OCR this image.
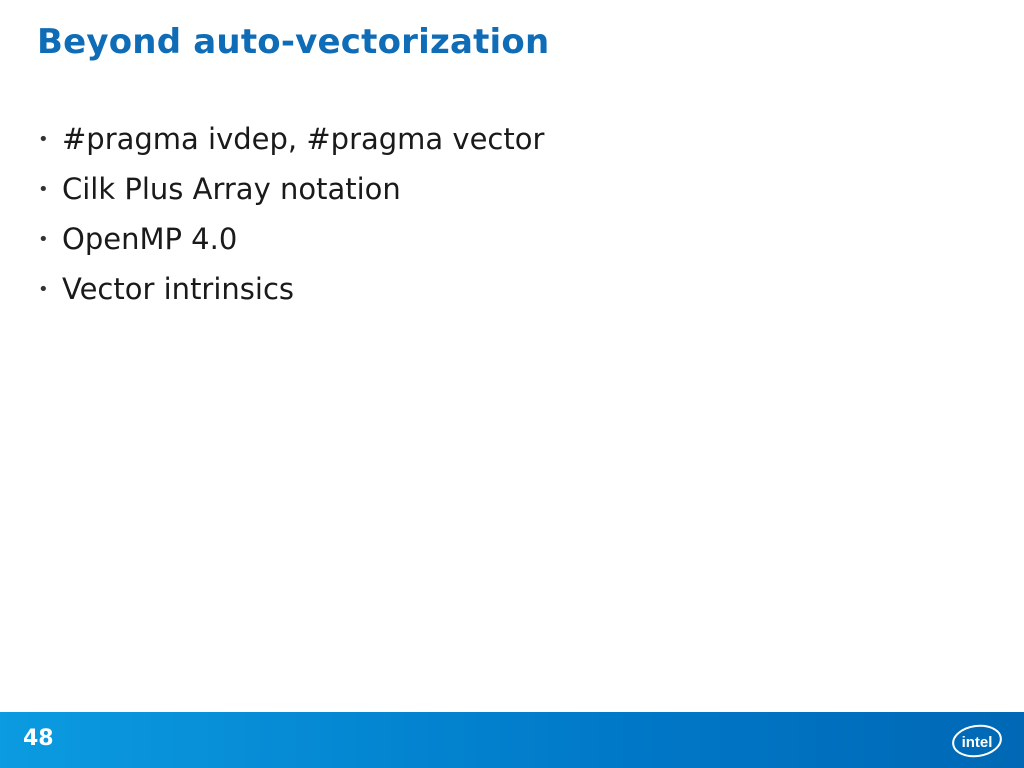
Beyond auto-vectorization
• #pragma ivdep, #pragma vector
• Cilk Plus Array notation
• OpenMP 4.0
• Vector intrinsics
48	intel
